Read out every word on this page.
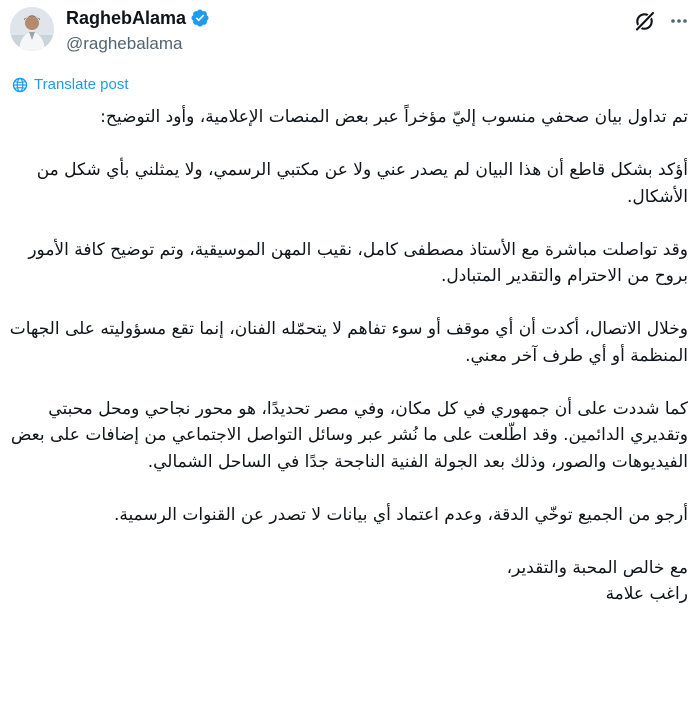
RaghebAlama
@raghebalama
Translate post

تم تداول بيان صحفي منسوب إليّ مؤخراً عبر بعض المنصات الإعلامية، وأود التوضيح:

أؤكد بشكل قاطع أن هذا البيان لم يصدر عني ولا عن مكتبي الرسمي، ولا يمثلني بأي شكل من الأشكال.

وقد تواصلت مباشرة مع الأستاذ مصطفى كامل، نقيب المهن الموسيقية، وتم توضيح كافة الأمور بروح من الاحترام والتقدير المتبادل.

وخلال الاتصال، أكدت أن أي موقف أو سوء تفاهم لا يتحمّله الفنان، إنما تقع مسؤوليته على الجهات المنظمة أو أي طرف آخر معني.

كما شددت على أن جمهوري في كل مكان، وفي مصر تحديدًا، هو محور نجاحي ومحل محبتي وتقديري الدائمين. وقد اطّلعت على ما نُشر عبر وسائل التواصل الاجتماعي من إضافات على بعض الفيديوهات والصور، وذلك بعد الجولة الفنية الناجحة جدًا في الساحل الشمالي.

أرجو من الجميع توخّي الدقة، وعدم اعتماد أي بيانات لا تصدر عن القنوات الرسمية.

مع خالص المحبة والتقدير،
راغب علامة
